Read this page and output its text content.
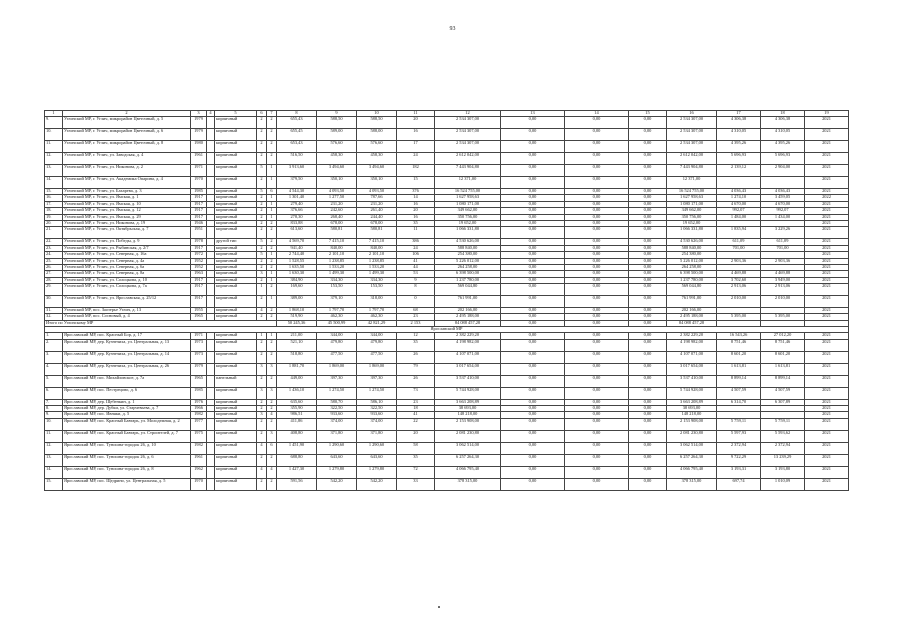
93
1	2	3	4	5	6	7	8	9	10	11	12	13	14	15	16	17	18	19
9.	Угличский МР, г. Углич, микрорайон Цветочный, д. 5	1979		кирпичный	2	2	655,43	588,50	588,50	20	2 534 307,00	0,00	0,00	0,00	2 534 307,00	4 306,38	4 306,38	2021
10.	Угличский МР, г. Углич, микрорайон Цветочный, д. 6	1979		кирпичный	2	2	655,45	589,00	588,00	16	2 534 307,00	0,00	0,00	0,00	2 534 307,00	4 310,05	4 310,05	2021
11.	Угличский МР, г. Углич, микрорайон Цветочный, д. 8	1980		кирпичный	2	2	653,43	576,60	576,60	17	2 534 307,00	0,00	0,00	0,00	2 534 307,00	4 395,26	4 395,26	2021
12.	Угличский МР, г. Углич, ул. Заводская, д. 4	1961		кирпичный	2	2	516,50	458,30	458,30	24	2 612 042,00	0,00	0,00	0,00	2 612 042,00	5 696,93	5 696,93	2021
13.	Угличский МР, г. Углич, ул. Никонова, д. 2	1971		кирпичный	5	1	3 913,60	3 494,60	3 494,60	182	7 443 904,80	0,00	0,00	0,00	7 443 904,80	2 139,12	2 904,00	2021
14.	Угличский МР, г. Углич, ул. Академика Опарина, д. 4	1970		кирпичный	2	1	379,50	350,10	350,10	15	12 371,00	0,00	0,00	0,00	12 371,00			2021
15.	Угличский МР, г. Углич, ул. Бахарева, д. 3	1985		кирпичный	5	6	4 544,30	4 093,50	4 093,50	376	16 524 755,00	0,00	0,00	0,00	16 524 755,00	4 036,43	4 036,43	2021
16.	Угличский МР, г. Углич, ул. Ямская, д. 1	1917		кирпичный	2	1	1 301,40	1 277,50	787,66	14	1 627 958,63	0,00	0,00	0,00	1 627 958,63	1 274,10	3 459,05	2022
17.	Угличский МР, г. Углич, ул. Ямская, д. 10	1917		кирпичный	2	1	279,40	231,20	231,20	16	1 080 171,00	0,00	0,00	0,00	1 080 171,00	4 670,00	4 670,00	2021
18.	Угличский МР, г. Углич, ул. Ямская, д. 12	1917		кирпичный	2	1	376,66	242,60	261,40	20	349 662,00	0,00	0,00	0,00	349 662,00	992,07	992,07	2021
19.	Угличский МР, г. Углич, ул. Ямская, д. 29	1917		кирпичный	2	1	278,30	268,40	244,40	16	350 756,00	0,00	0,00	0,00	350 756,00	1 484,00	1 434,00	2021
20.	Угличский МР, г. Углич, ул. Никонова, д. 19	1946		кирпичный	2	2	833,88	678,00	678,00	35	19 652,00	0,00	0,00	0,00	19 652,00			2021
21.	Угличский МР, г. Углич, ул. Октябрьская, д. 7	1951		кирпичный	2	2	613,60	580,81	580,81	11	1 066 331,80	0,00	0,00	0,00	1 066 331,80	1 835,94	3 229,26	2021
22.	Угличский МР, г. Углич, ул. Победы, д. 9	1978		другой тип	5	2	4 569,70	7 415,10	7 415,10	386	4 530 626,00	0,00	0,00	0,00	4 530 626,00	611,09	611,09	2021
23.	Угличский МР, г. Углич, ул. Рыбинская, д. 2/7	1917		кирпичный	2	2	941,40	840,00	840,00	24	588 840,00	0,00	0,00	0,00	588 840,00	701,00	701,00	2021
24.	Угличский МР, г. Углич, ул. Северная, д. 16а	1972		кирпичный	5	1	2 744,40	2 101,10	2 101,10	106	254 380,00	0,00	0,00	0,00	254 380,00			2021
25.	Угличский МР, г. Углич, ул. Северная, д. 4а	1952		кирпичный	2	2	1 528,55	1 238,85	1 238,85	41	5 226 012,00	0,00	0,00	0,00	5 226 012,00	2 903,36	2 903,36	2021
26.	Угличский МР, г. Углич, ул. Северная, д. 6а	1952		кирпичный	2	2	1 635,50	1 533,20	1 533,20	44	264 258,00	0,00	0,00	0,00	264 258,00			2021
27.	Угличский МР, г. Углич, ул. Северная, д. 8а	1963		кирпичный	3	1	1 630,30	1 499,30	1 499,30	53	6 398 500,00	0,00	0,00	0,00	6 398 500,00	4 469,88	4 469,88	2021
28.	Угличский МР, г. Углич, ул. Солоцкова, д. 10	1917		кирпичный	2	1	384,90	334,30	334,30	9	1 237 780,00	0,00	0,00	0,00	1 237 780,00	3 702,60	3 949,00	2021
29.	Угличский МР, г. Углич, ул. Солоцкова, д. 7а	1917		кирпичный	1	2	169,60	153,50	153,50	8	569 044,80	0,00	0,00	0,00	569 044,80	2 913,06	2 913,06	2021
30.	Угличский МР, г. Углич, ул. Ярославская, д. 25/12	1917		кирпичный	2	1	389,00	379,10	318,00	0	761 991,00	0,00	0,00	0,00	761 991,00	2 010,00	2 010,00	2021
31.	Угличский МР, пос. Заозерье Углич, д. 13	1955		кирпичный	4	2	1 868,10	1 797,70	1 797,70	68	202 166,00	0,00	0,00	0,00	202 166,00			2021
32.	Угличский МР, пос. Сосновый, д. 4	1965		кирпичный	2	2	519,90	462,30	462,30	23	2 495 188,00	0,00	0,00	0,00	2 495 188,00	5 395,00	5 395,00	2021
Итого по Угличскому МР							50 245,36	45 500,99	42 821,29	2 153	84 088 457,28	0,00	0,00	0,00	84 088 457,28			
Ярославский МР																		
1.	Ярославский МР, пос. Красный Бор, д. 17	1971		кирпичный	1	1	211,00	344,00	344,00	12	2 382 229,20	0,00	0,00	0,00	2 382 229,20	16 543,26	27 012,20	2021
2.	Ярославский МР, дер. Кузнечиха, ул. Центральная, д. 13	1973		кирпичный	2	2	521,10	479,80	479,80	35	4 198 982,00	0,00	0,00	0,00	4 198 982,00	8 751,46	8 751,46	2021
3.	Ярославский МР, дер. Кузнечиха, ул. Центральная, д. 14	1973		кирпичный	2	2	518,80	477,50	477,50	26	4 107 071,00	0,00	0,00	0,00	4 107 071,00	8 601,20	8 601,20	2021
4.	Ярославский МР, дер. Кузнечиха, ул. Центральная, д. 26	1979		кирпичный	3	3	1 881,70	1 869,00	1 869,00	79	3 017 654,00	0,00	0,00	0,00	3 017 654,00	1 613,81	1 613,81	2021
5.	Ярославский МР, пос. Михайловское, д. 7а	1965		панельный	2	2	449,00	397,30	397,30	26	3 537 410,00	0,00	0,00	0,00	3 537 410,00	8 899,14	8 899,14	2021
6.	Ярославский МР, пос. Пестрецово, д. 6	1985		кирпичный	3	3	1 436,10	1 274,50	1 274,50	73	5 744 928,00	0,00	0,00	0,00	5 744 928,00	4 507,59	4 507,59	2021
7.	Ярославский МР, дер. Щебенкин, д. 1	1976		кирпичный	2	2	635,60	580,70	586,10	23	3 663 208,89	0,00	0,00	0,00	3 663 208,89	6 314,70	6 307,89	2021
8.	Ярославский МР, дер. Дубки, ул. Старчевьева, д. 7	1966		кирпичный	2	2	355,90	322,50	322,50	18	38 693,00	0,00	0,00	0,00	38 693,00			2021
9.	Ярославский МР, пос. Ивняки, д. 5	1982		кирпичный	3	4	986,51	933,60	933,60	41	148 218,00	0,00	0,00	0,00	148 218,00			2021
10.	Ярославский МР, пос. Красный Бавтарь, ул. Молодежная, д. 2	1977		кирпичный	2	2	411,86	374,00	374,00	22	2 153 908,00	0,00	0,00	0,00	2 153 908,00	5 759,11	5 759,11	2021
11.	Ярославский МР, пос. Красный Бавтарь, ул. Строителей, д. 7	1975		кирпичный	2	3	408,80	371,80	371,80	20	2 081 230,80	0,00	0,00	0,00	2 081 230,80	5 597,93	5 593,62	2021
12.	Ярославский МР, пос. Туношна-городок 26, д. 10	1982		кирпичный	4	6	1 451,90	1 290,60	1 290,60	58	3 062 514,00	0,00	0,00	0,00	3 062 514,00	2 372,94	2 372,94	2021
13.	Ярославский МР, пос. Туношна-городок 26, д. 6	1961		кирпичный	2	2	688,80	643,60	643,60	35	6 257 264,30	0,00	0,00	0,00	6 257 264,30	9 722,29	13 239,29	2021
14.	Ярославский МР, пос. Туношна-городок 26, д. 8	1962		кирпичный	4	4	1 427,30	1 279,80	1 279,80	72	4 066 795,40	0,00	0,00	0,00	4 066 795,40	3 193,31	3 193,80	2021
15.	Ярославский МР, пос. Щедрино, ул. Центральная, д. 5	1970		кирпичный	2	2	591,56	542,20	542,20	33	378 315,00	0,00	0,00	0,00	378 315,00	697,74	1 010,09	2021
